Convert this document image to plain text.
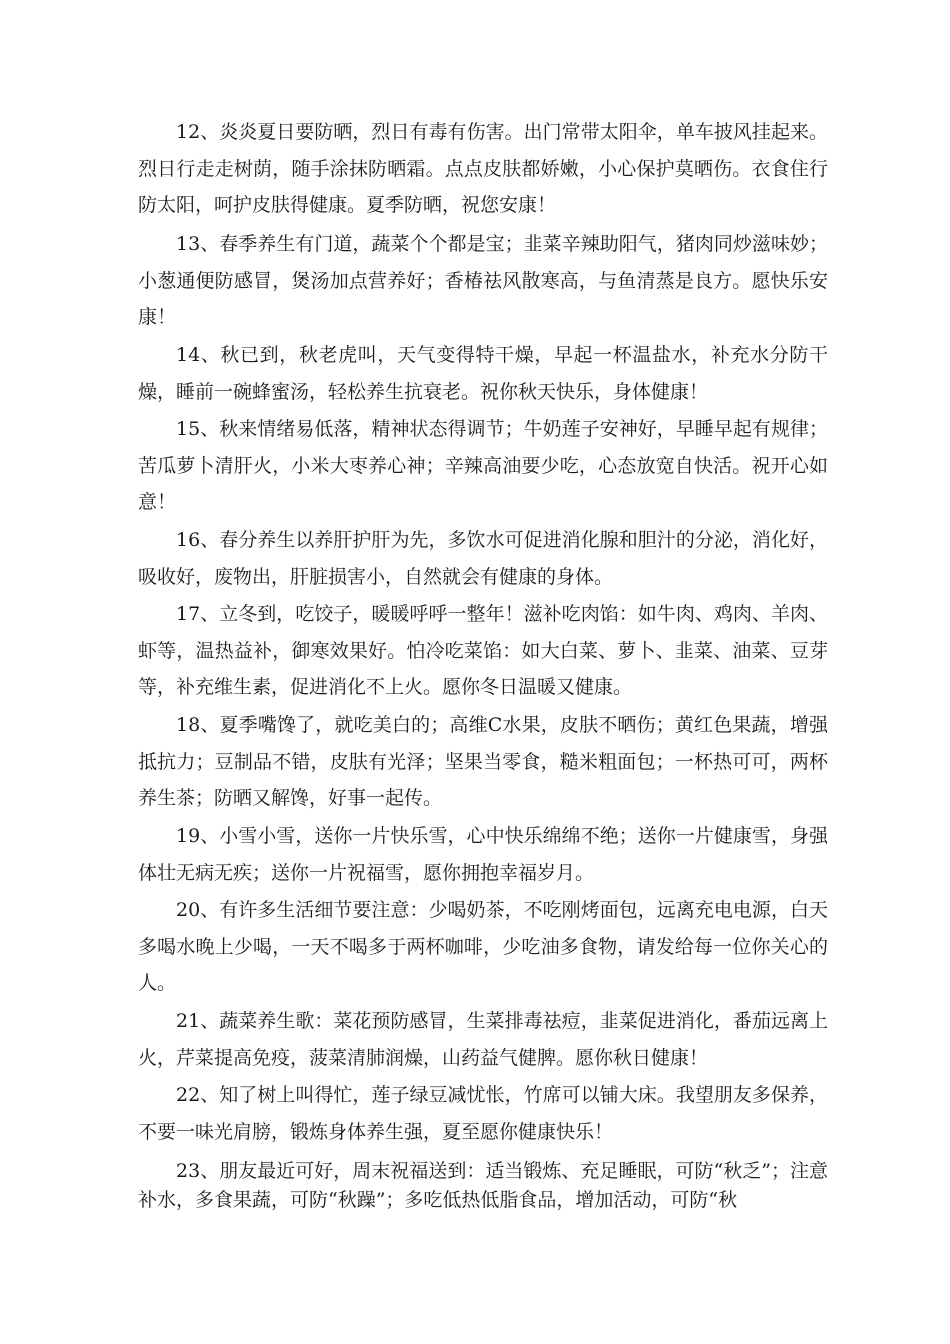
12、炎炎夏日要防晒，烈日有毒有伤害。出门常带太阳伞，单车披风挂起来。烈日行走走树荫，随手涂抹防晒霜。点点皮肤都娇嫩，小心保护莫晒伤。衣食住行防太阳，呵护皮肤得健康。夏季防晒，祝您安康！

13、春季养生有门道，蔬菜个个都是宝；韭菜辛辣助阳气，猪肉同炒滋味妙；小葱通便防感冒，煲汤加点营养好；香椿祛风散寒高，与鱼清蒸是良方。愿快乐安康！

14、秋已到，秋老虎叫，天气变得特干燥，早起一杯温盐水，补充水分防干燥，睡前一碗蜂蜜汤，轻松养生抗衰老。祝你秋天快乐，身体健康！

15、秋来情绪易低落，精神状态得调节；牛奶莲子安神好，早睡早起有规律；苦瓜萝卜清肝火，小米大枣养心神；辛辣高油要少吃，心态放宽自快活。祝开心如意！

16、春分养生以养肝护肝为先，多饮水可促进消化腺和胆汁的分泌，消化好，吸收好，废物出，肝脏损害小，自然就会有健康的身体。

17、立冬到，吃饺子，暖暖呼呼一整年！滋补吃肉馅：如牛肉、鸡肉、羊肉、虾等，温热益补，御寒效果好。怕冷吃菜馅：如大白菜、萝卜、韭菜、油菜、豆芽等，补充维生素，促进消化不上火。愿你冬日温暖又健康。

18、夏季嘴馋了，就吃美白的；高维C水果，皮肤不晒伤；黄红色果蔬，增强抵抗力；豆制品不错，皮肤有光泽；坚果当零食，糙米粗面包；一杯热可可，两杯养生茶；防晒又解馋，好事一起传。

19、小雪小雪，送你一片快乐雪，心中快乐绵绵不绝；送你一片健康雪，身强体壮无病无疾；送你一片祝福雪，愿你拥抱幸福岁月。

20、有许多生活细节要注意：少喝奶茶，不吃刚烤面包，远离充电电源，白天多喝水晚上少喝，一天不喝多于两杯咖啡，少吃油多食物，请发给每一位你关心的人。

21、蔬菜养生歌：菜花预防感冒，生菜排毒祛痘，韭菜促进消化，番茄远离上火，芹菜提高免疫，菠菜清肺润燥，山药益气健脾。愿你秋日健康！

22、知了树上叫得忙，莲子绿豆减忧怅，竹席可以铺大床。我望朋友多保养，不要一味光肩膀，锻炼身体养生强，夏至愿你健康快乐！

23、朋友最近可好，周末祝福送到：适当锻炼、充足睡眠，可防“秋乏”；注意补水，多食果蔬，可防“秋躁”；多吃低热低脂食品，增加活动，可防“秋
